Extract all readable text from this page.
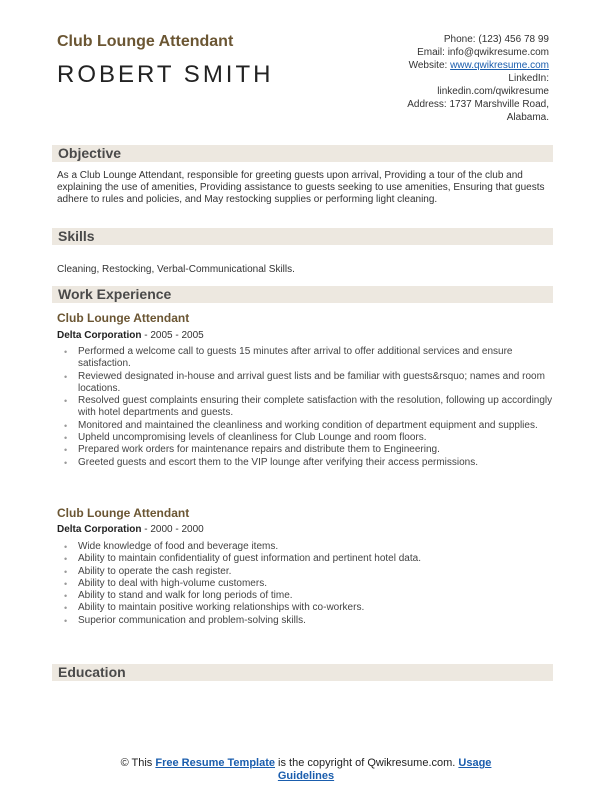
Club Lounge Attendant
ROBERT SMITH
Phone: (123) 456 78 99
Email: info@qwikresume.com
Website: www.qwikresume.com
LinkedIn:
linkedin.com/qwikresume
Address: 1737 Marshville Road,
Alabama.
Objective
As a Club Lounge Attendant, responsible for greeting guests upon arrival, Providing a tour of the club and explaining the use of amenities, Providing assistance to guests seeking to use amenities, Ensuring that guests adhere to rules and policies, and May restocking supplies or performing light cleaning.
Skills
Cleaning, Restocking, Verbal-Communicational Skills.
Work Experience
Club Lounge Attendant
Delta Corporation - 2005 - 2005
• Performed a welcome call to guests 15 minutes after arrival to offer additional services and ensure satisfaction.
• Reviewed designated in-house and arrival guest lists and be familiar with guests&rsquo; names and room locations.
• Resolved guest complaints ensuring their complete satisfaction with the resolution, following up accordingly with hotel departments and guests.
• Monitored and maintained the cleanliness and working condition of department equipment and supplies.
• Upheld uncompromising levels of cleanliness for Club Lounge and room floors.
• Prepared work orders for maintenance repairs and distribute them to Engineering.
• Greeted guests and escort them to the VIP lounge after verifying their access permissions.
Club Lounge Attendant
Delta Corporation - 2000 - 2000
• Wide knowledge of food and beverage items.
• Ability to maintain confidentiality of guest information and pertinent hotel data.
• Ability to operate the cash register.
• Ability to deal with high-volume customers.
• Ability to stand and walk for long periods of time.
• Ability to maintain positive working relationships with co-workers.
• Superior communication and problem-solving skills.
Education
© This Free Resume Template is the copyright of Qwikresume.com. Usage
Guidelines
